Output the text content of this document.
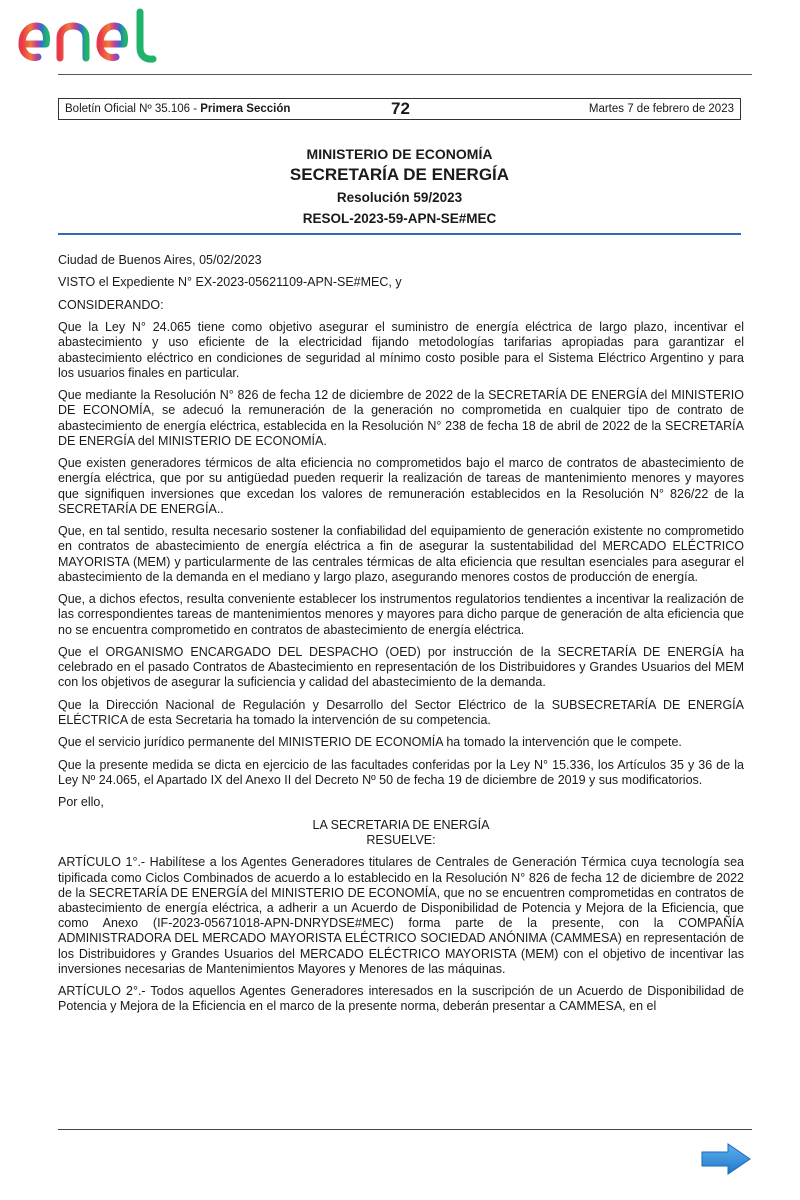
Boletín Oficial Nº 35.106 - Primera Sección	72	Martes 7 de febrero de 2023

MINISTERIO DE ECONOMÍA

SECRETARÍA DE ENERGÍA

Resolución 59/2023

RESOL-2023-59-APN-SE#MEC

Ciudad de Buenos Aires, 05/02/2023

VISTO el Expediente N° EX-2023-05621109-APN-SE#MEC, y

CONSIDERANDO:

Que la Ley N° 24.065 tiene como objetivo asegurar el suministro de energía eléctrica de largo plazo, incentivar el abastecimiento y uso eficiente de la electricidad fijando metodologías tarifarias apropiadas para garantizar el abastecimiento eléctrico en condiciones de seguridad al mínimo costo posible para el Sistema Eléctrico Argentino y para los usuarios finales en particular.

Que mediante la Resolución N° 826 de fecha 12 de diciembre de 2022 de la SECRETARÍA DE ENERGÍA del MINISTERIO DE ECONOMÍA, se adecuó la remuneración de la generación no comprometida en cualquier tipo de contrato de abastecimiento de energía eléctrica, establecida en la Resolución N° 238 de fecha 18 de abril de 2022 de la SECRETARÍA DE ENERGÍA del MINISTERIO DE ECONOMÍA.

Que existen generadores térmicos de alta eficiencia no comprometidos bajo el marco de contratos de abastecimiento de energía eléctrica, que por su antigüedad pueden requerir la realización de tareas de mantenimiento menores y mayores que signifiquen inversiones que excedan los valores de remuneración establecidos en la Resolución N° 826/22 de la SECRETARÍA DE ENERGÍA..

Que, en tal sentido, resulta necesario sostener la confiabilidad del equipamiento de generación existente no comprometido en contratos de abastecimiento de energía eléctrica a fin de asegurar la sustentabilidad del MERCADO ELÉCTRICO MAYORISTA (MEM) y particularmente de las centrales térmicas de alta eficiencia que resultan esenciales para asegurar el abastecimiento de la demanda en el mediano y largo plazo, asegurando menores costos de producción de energía.

Que, a dichos efectos, resulta conveniente establecer los instrumentos regulatorios tendientes a incentivar la realización de las correspondientes tareas de mantenimientos menores y mayores para dicho parque de generación de alta eficiencia que no se encuentra comprometido en contratos de abastecimiento de energía eléctrica.

Que el ORGANISMO ENCARGADO DEL DESPACHO (OED) por instrucción de la SECRETARÍA DE ENERGÍA ha celebrado en el pasado Contratos de Abastecimiento en representación de los Distribuidores y Grandes Usuarios del MEM con los objetivos de asegurar la suficiencia y calidad del abastecimiento de la demanda.

Que la Dirección Nacional de Regulación y Desarrollo del Sector Eléctrico de la SUBSECRETARÍA DE ENERGÍA ELÉCTRICA de esta Secretaria ha tomado la intervención de su competencia.

Que el servicio jurídico permanente del MINISTERIO DE ECONOMÍA ha tomado la intervención que le compete.

Que la presente medida se dicta en ejercicio de las facultades conferidas por la Ley N° 15.336, los Artículos 35 y 36 de la Ley Nº 24.065, el Apartado IX del Anexo II del Decreto Nº 50 de fecha 19 de diciembre de 2019 y sus modificatorios.

Por ello,

LA SECRETARIA DE ENERGÍA

RESUELVE:

ARTÍCULO 1°.- Habilítese a los Agentes Generadores titulares de Centrales de Generación Térmica cuya tecnología sea tipificada como Ciclos Combinados de acuerdo a lo establecido en la Resolución N° 826 de fecha 12 de diciembre de 2022 de la SECRETARÍA DE ENERGÍA del MINISTERIO DE ECONOMÍA, que no se encuentren comprometidas en contratos de abastecimiento de energía eléctrica, a adherir a un Acuerdo de Disponibilidad de Potencia y Mejora de la Eficiencia, que como Anexo (IF-2023-05671018-APN-DNRYDSE#MEC) forma parte de la presente, con la COMPAÑÍA ADMINISTRADORA DEL MERCADO MAYORISTA ELÉCTRICO SOCIEDAD ANÓNIMA (CAMMESA) en representación de los Distribuidores y Grandes Usuarios del MERCADO ELÉCTRICO MAYORISTA (MEM) con el objetivo de incentivar las inversiones necesarias de Mantenimientos Mayores y Menores de las máquinas.

ARTÍCULO 2°.- Todos aquellos Agentes Generadores interesados en la suscripción de un Acuerdo de Disponibilidad de Potencia y Mejora de la Eficiencia en el marco de la presente norma, deberán presentar a CAMMESA, en el
